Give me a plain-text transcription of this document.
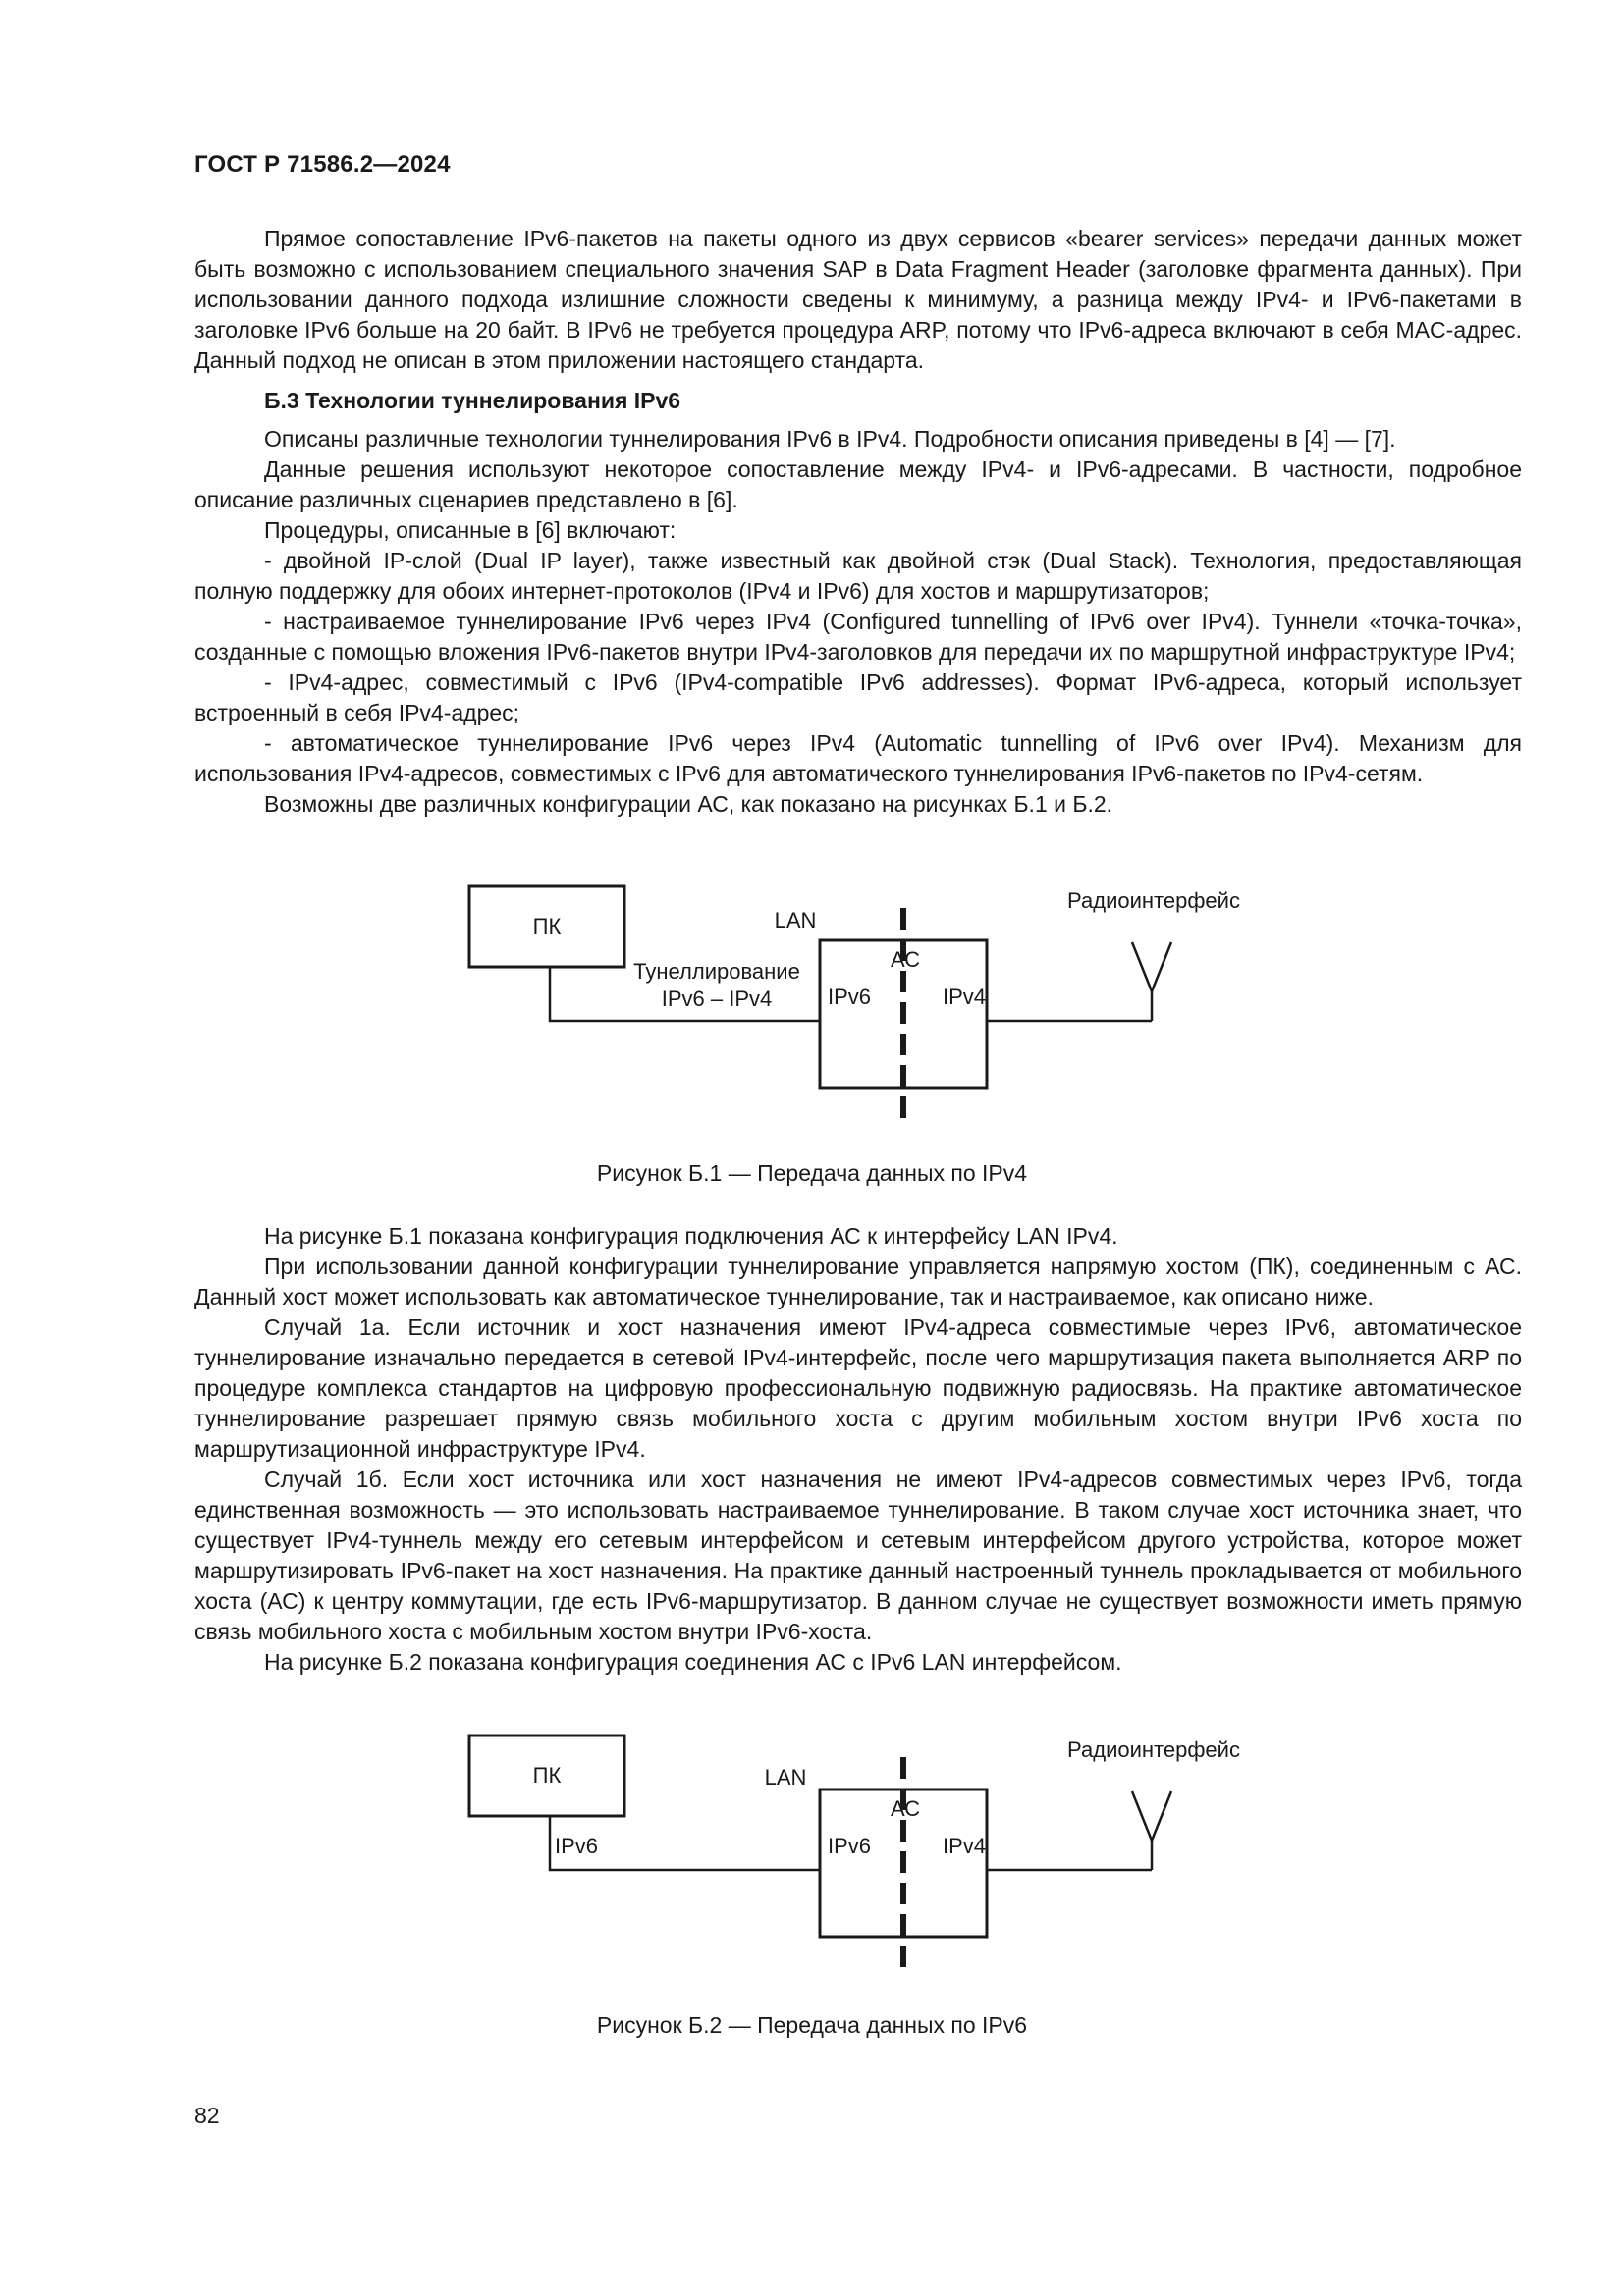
ГОСТ Р 71586.2—2024

Прямое сопоставление IPv6-пакетов на пакеты одного из двух сервисов «bearer services» передачи данных может быть возможно с использованием специального значения SAP в Data Fragment Header (заголовке фрагмента данных). При использовании данного подхода излишние сложности сведены к минимуму, а разница между IPv4- и IPv6-пакетами в заголовке IPv6 больше на 20 байт. В IPv6 не требуется процедура ARP, потому что IPv6-адреса включают в себя MAC-адрес. Данный подход не описан в этом приложении настоящего стандарта.

Б.3 Технологии туннелирования IPv6

Описаны различные технологии туннелирования IPv6 в IPv4. Подробности описания приведены в [4] — [7].

Данные решения используют некоторое сопоставление между IPv4- и IPv6-адресами. В частности, подробное описание различных сценариев представлено в [6].

Процедуры, описанные в [6] включают:

- двойной IP-слой (Dual IP layer), также известный как двойной стэк (Dual Stack). Технология, предоставляющая полную поддержку для обоих интернет-протоколов (IPv4 и IPv6) для хостов и маршрутизаторов;

- настраиваемое туннелирование IPv6 через IPv4 (Configured tunnelling of IPv6 over IPv4). Туннели «точка-точка», созданные с помощью вложения IPv6-пакетов внутри IPv4-заголовков для передачи их по маршрутной инфраструктуре IPv4;

- IPv4-адрес, совместимый с IPv6 (IPv4-compatible IPv6 addresses). Формат IPv6-адреса, который использует встроенный в себя IPv4-адрес;

- автоматическое туннелирование IPv6 через IPv4 (Automatic tunnelling of IPv6 over IPv4). Механизм для использования IPv4-адресов, совместимых с IPv6 для автоматического туннелирования IPv6-пакетов по IPv4-сетям.

Возможны две различных конфигурации АС, как показано на рисунках Б.1 и Б.2.

ПК	LAN
Радиоинтерфейс
Тунеллирование
IPv6 – IPv4
АС
IPv6	IPv4
Рисунок Б.1 — Передача данных по IPv4

На рисунке Б.1 показана конфигурация подключения АС к интерфейсу LAN IPv4.

При использовании данной конфигурации туннелирование управляется напрямую хостом (ПК), соединенным с АС. Данный хост может использовать как автоматическое туннелирование, так и настраиваемое, как описано ниже.

Случай 1а. Если источник и хост назначения имеют IPv4-адреса совместимые через IPv6, автоматическое туннелирование изначально передается в сетевой IPv4-интерфейс, после чего маршрутизация пакета выполняется ARP по процедуре комплекса стандартов на цифровую профессиональную подвижную радиосвязь. На практике автоматическое туннелирование разрешает прямую связь мобильного хоста с другим мобильным хостом внутри IPv6 хоста по маршрутизационной инфраструктуре IPv4.

Случай 1б. Если хост источника или хост назначения не имеют IPv4-адресов совместимых через IPv6, тогда единственная возможность — это использовать настраиваемое туннелирование. В таком случае хост источника знает, что существует IPv4-туннель между его сетевым интерфейсом и сетевым интерфейсом другого устройства, которое может маршрутизировать IPv6-пакет на хост назначения. На практике данный настроенный туннель прокладывается от мобильного хоста (АС) к центру коммутации, где есть IPv6-маршрутизатор. В данном случае не существует возможности иметь прямую связь мобильного хоста с мобильным хостом внутри IPv6-хоста.

На рисунке Б.2 показана конфигурация соединения АС с IPv6 LAN интерфейсом.

ПК
IPv6
LAN
Радиоинтерфейс
АС
IPv6	IPv4
Рисунок Б.2 — Передача данных по IPv6
82
